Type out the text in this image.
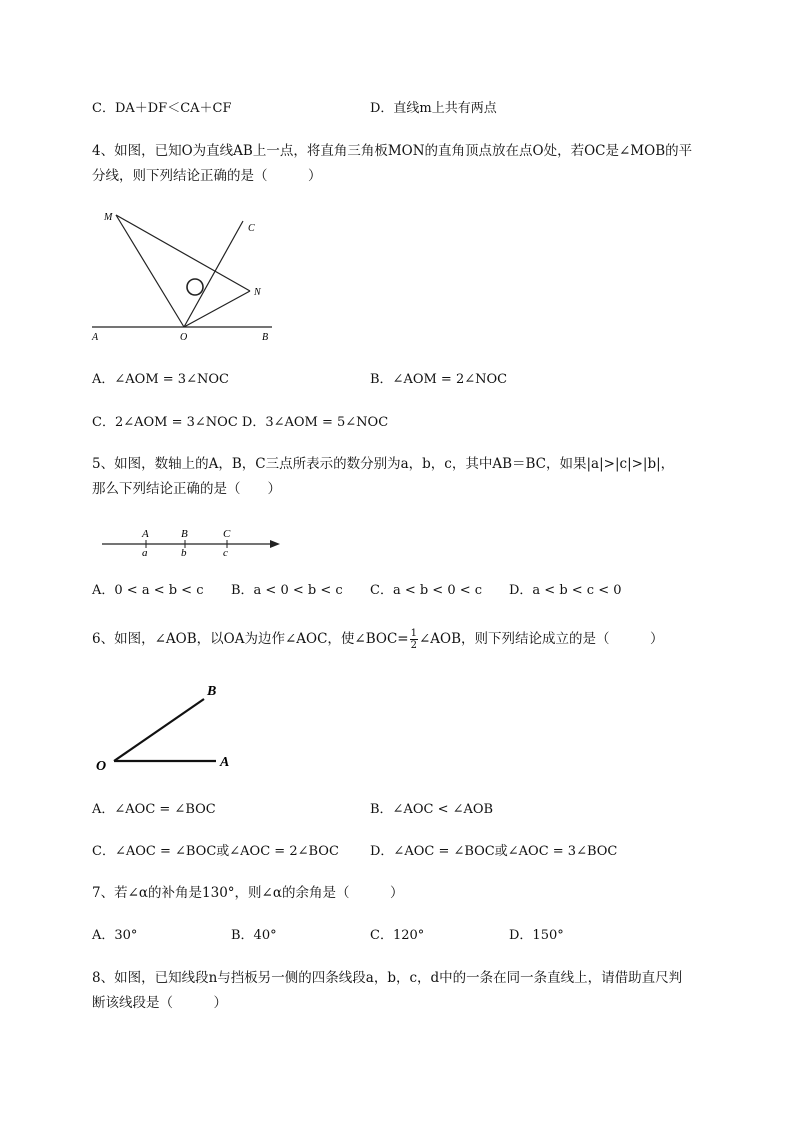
C．DA＋DF＜CA＋CF	D．直线m上共有两点
4、如图，已知O为直线AB上一点，将直角三角板MON的直角顶点放在点O处，若OC是∠MOB的平
分线，则下列结论正确的是（　　　）
M
C
N
A	O	B
A．∠AOM = 3∠NOC	B．∠AOM = 2∠NOC
C．2∠AOM = 3∠NOC D．3∠AOM = 5∠NOC
5、如图，数轴上的A，B，C三点所表示的数分别为a，b，c，其中AB＝BC，如果|a|>|c|>|b|，
那么下列结论正确的是（　　）
A	B	C
a	b	c
A．0 < a < b < c B．a < 0 < b < c C．a < b < 0 < c D．a < b < c < 0
6、如图，∠AOB，以OA为边作∠AOC，使∠BOC= $\frac{1}{2}$ ∠AOB，则下列结论成立的是（　　　）
B
O	A
A．∠AOC = ∠BOC	B．∠AOC < ∠AOB
C．∠AOC = ∠BOC或∠AOC = 2∠BOC D．∠AOC = ∠BOC或∠AOC = 3∠BOC
7、若∠α的补角是130°，则∠α的余角是（　　　）
A．30°	B．40°	C．120°	D．150°
8、如图，已知线段n与挡板另一侧的四条线段a，b，c，d中的一条在同一条直线上，请借助直尺判
断该线段是（　　　）
